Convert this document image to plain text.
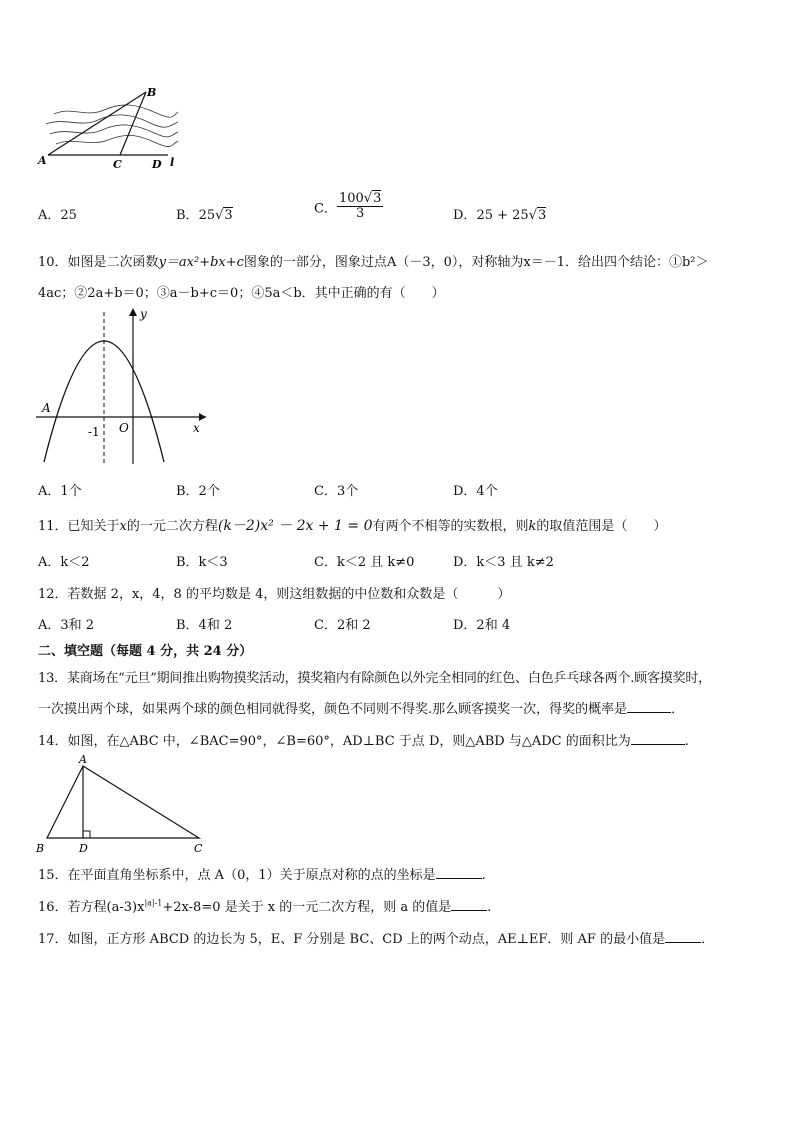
B
A	C	D l
A．25	B．25√3	C． $\frac{100√3}{3}$	D．25 + 25√3
10．如图是二次函数y＝ax²+bx+c图象的一部分，图象过点A（－3，0），对称轴为x＝－1．给出四个结论：①b²＞
4ac；②2a+b＝0；③a－b+c＝0；④5a＜b．其中正确的有（　　）
y
x
A
-1 O
A．1个	B．2个	C．3个	D．4个
11．已知关于x的一元二次方程(k－2)x² － 2x + 1 = 0有两个不相等的实数根，则k的取值范围是（　　）
A．k＜2	B．k＜3	C．k＜2 且 k≠0	D．k＜3 且 k≠2
12．若数据 2，x，4，8 的平均数是 4，则这组数据的中位数和众数是（　　　）
A．3和 2	B．4和 2	C．2和 2	D．2和 4
二、填空题（每题 4 分，共 24 分）
13．某商场在“元旦”期间推出购物摸奖活动，摸奖箱内有除颜色以外完全相同的红色、白色乒乓球各两个.顾客摸奖时，
一次摸出两个球，如果两个球的颜色相同就得奖，颜色不同则不得奖.那么顾客摸奖一次，得奖的概率是	．
14．如图，在△ABC 中，∠BAC=90°，∠B=60°，AD⊥BC 于点 D，则△ABD 与△ADC 的面积比为	.
A
B	D	C
15．在平面直角坐标系中，点 A（0，1）关于原点对称的点的坐标是	.
16．若方程$(a-3)x^{|a|-1}+2x-8=0$ 是关于 x 的一元二次方程，则 a 的值是	.
17．如图，正方形 ABCD 的边长为 5，E、F 分别是 BC、CD 上的两个动点，AE⊥EF．则 AF 的最小值是	．
